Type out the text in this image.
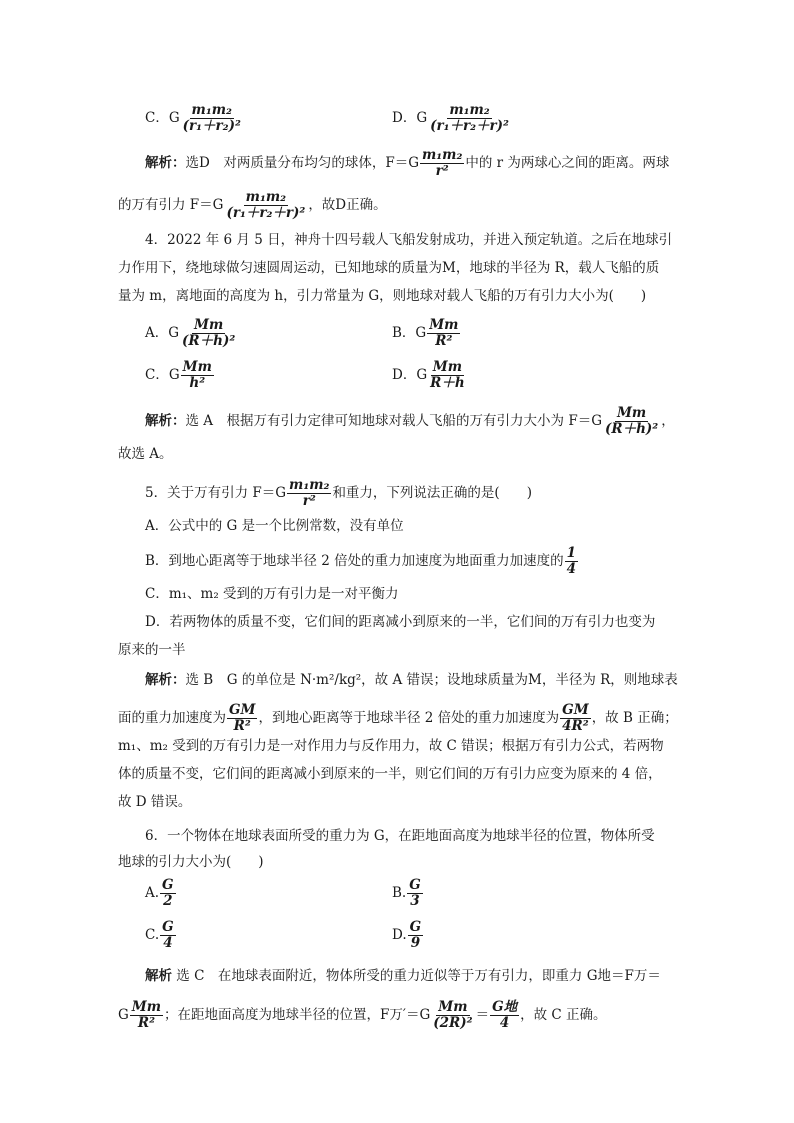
C．G $\frac{\text{m₁m₂}}{\text{(r₁＋r₂)²}}$	D．G $\frac{\text{m₁m₂}}{\text{(r₁＋r₂＋r)²}}$
解析：选D　对两质量分布均匀的球体，$F=G \frac{\text{m₁m₂}}{\text{r²}}$ 中的 r 为两球心之间的距离。两球
的万有引力 $F=G \frac{\text{m₁m₂}}{\text{(r₁＋r₂＋r)²}}$ ，故D正确。
4．2022 年 6 月 5 日，神舟十四号载人飞船发射成功，并进入预定轨道。之后在地球引
力作用下，绕地球做匀速圆周运动，已知地球的质量为M，地球的半径为 R，载人飞船的质
量为 m，离地面的高度为 h，引力常量为 G，则地球对载人飞船的万有引力大小为(　　)
A．G $\frac{Mm}{\text{(R＋h)²}}$	B．G $\frac{Mm}{\text{R²}}$
C．G $\frac{Mm}{\text{h²}}$	D．G $\frac{Mm}{R+h}$
解析：选 A　根据万有引力定律可知地球对载人飞船的万有引力大小为 $F=G \frac{Mm}{\text{(R＋h)²}}$ ，
故选 A。
5．关于万有引力 $F=G \frac{\text{m₁m₂}}{\text{r²}}$ 和重力，下列说法正确的是(　　)
A．公式中的 G 是一个比例常数，没有单位
B．到地心距离等于地球半径 2 倍处的重力加速度为地面重力加速度的 $\frac{1}{4}$
C．m₁、m₂ 受到的万有引力是一对平衡力
D．若两物体的质量不变，它们间的距离减小到原来的一半，它们间的万有引力也变为
原来的一半
解析：选 B　G 的单位是 N·m²/kg²，故 A 错误；设地球质量为M，半径为 R，则地球表
面的重力加速度为 $\frac{GM}{\text{R²}}$ ，到地心距离等于地球半径 2 倍处的重力加速度为 $\frac{GM}{\text{4R²}}$ ，故 B 正确；
m₁、m₂ 受到的万有引力是一对作用力与反作用力，故 C 错误；根据万有引力公式，若两物
体的质量不变，它们间的距离减小到原来的一半，则它们间的万有引力应变为原来的 4 倍，
故 D 错误。
6．一个物体在地球表面所受的重力为 G，在距地面高度为地球半径的位置，物体所受
地球的引力大小为(　　)
A. $\frac{G}{2}$	B. $\frac{G}{3}$
C. $\frac{G}{4}$	D. $\frac{G}{9}$
解析 选 C　在地球表面附近，物体所受的重力近似等于万有引力，即重力 G地＝F万＝
G $\frac{Mm}{\text{R²}}$ ；在距地面高度为地球半径的位置，F万$'=G \frac{Mm}{\text{(2R)²}} = \frac{\text{G地}}{4}$ ，故 C 正确。
